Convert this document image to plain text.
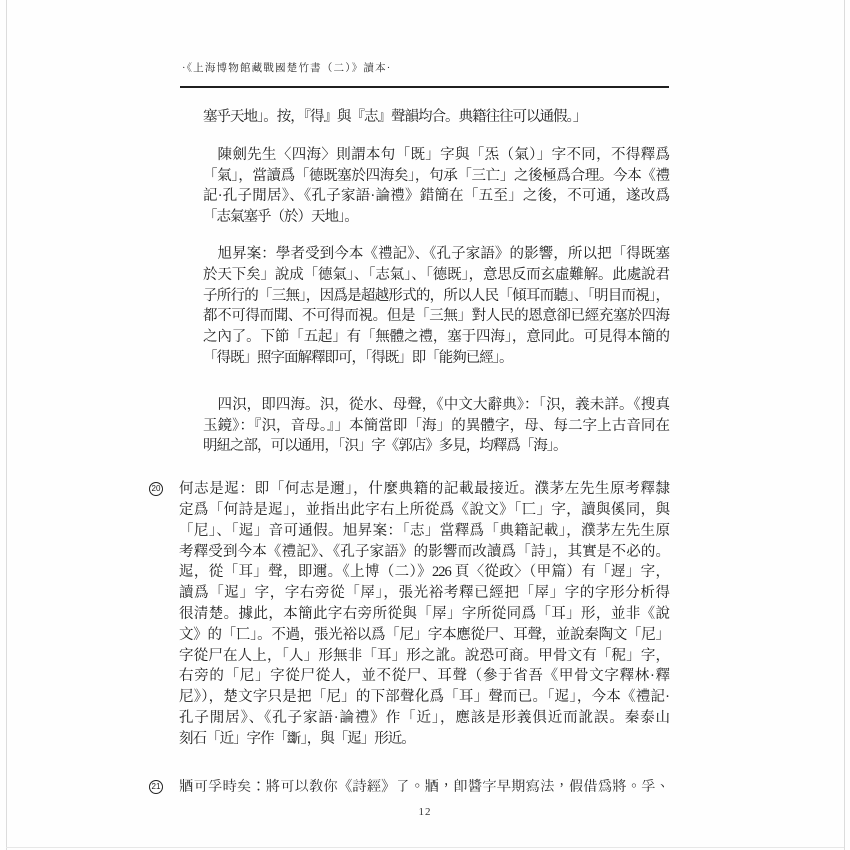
·《上海博物館藏戰國楚竹書（二）》讀本·
塞乎天地」。按，『得』與『志』聲韻均合。典籍往往可以通假。」
陳劍先生〈四海〉則謂本句「既」字與「炁（氣）」字不同，不得釋爲
「氣」，當讀爲「德既塞於四海矣」，句承「三亡」之後極爲合理。今本《禮
記·孔子閒居》、《孔子家語·論禮》錯簡在「五至」之後，不可通，遂改爲
「志氣塞乎（於）天地」。
旭昇案：學者受到今本《禮記》、《孔子家語》的影響，所以把「得既塞
於天下矣」說成「德氣」、「志氣」、「德既」，意思反而玄虛難解。此處說君
子所行的「三無」，因爲是超越形式的，所以人民「傾耳而聽」、「明目而視」，
都不可得而聞、不可得而視。但是「三無」對人民的恩意卻已經充塞於四海
之內了。下節「五起」有「無體之禮，塞于四海」，意同此。可見得本簡的
「得既」照字面解釋即可，「得既」即「能夠已經」。
四𣲵，即四海。𣲵，從水、母聲，《中文大辭典》：「𣲵，義未詳。《搜真
玉鏡》：『𣲵，音母。』」本簡當即「海」的異體字，母、每二字上古音同在
明紐之部，可以通用，「𣲵」字《郭店》多見，均釋爲「海」。
20 何志是迡：即「何志是邇」，什麼典籍的記載最接近。濮茅左先生原考釋隸
定爲「何詩是迡」，並指出此字右上所從爲《說文》「匸」字，讀與傒同，與
「尼」、「迡」音可通假。旭昇案：「志」當釋爲「典籍記載」，濮茅左先生原
考釋受到今本《禮記》、《孔子家語》的影響而改讀爲「詩」，其實是不必的。
迡，從「耳」聲，即邇。《上博（二）》226 頁〈從政〉（甲篇）有「遟」字，
讀爲「迡」字，字右旁從「屖」，張光裕考釋已經把「屖」字的字形分析得
很清楚。據此，本簡此字右旁所從與「屖」字所從同爲「耳」形，並非《說
文》的「匸」。不過，張光裕以爲「尼」字本應從尸、耳聲，並說秦陶文「尼」
字從尸在人上，「人」形無非「耳」形之訛。說恐可商。甲骨文有「秜」字，
右旁的「尼」字從尸從人，並不從尸、耳聲（參于省吾《甲骨文字釋林·釋
尼》），楚文字只是把「尼」的下部聲化爲「耳」聲而已。「迡」，今本《禮記·
孔子閒居》、《孔子家語·論禮》作「近」，應該是形義俱近而訛誤。秦泰山
刻石「近」字作「𣃔」，與「迡」形近。
21 𨟻可孚時矣：將可以教你《詩經》了。𨟻，即醬字早期寫法，假借爲將。孚、
12
